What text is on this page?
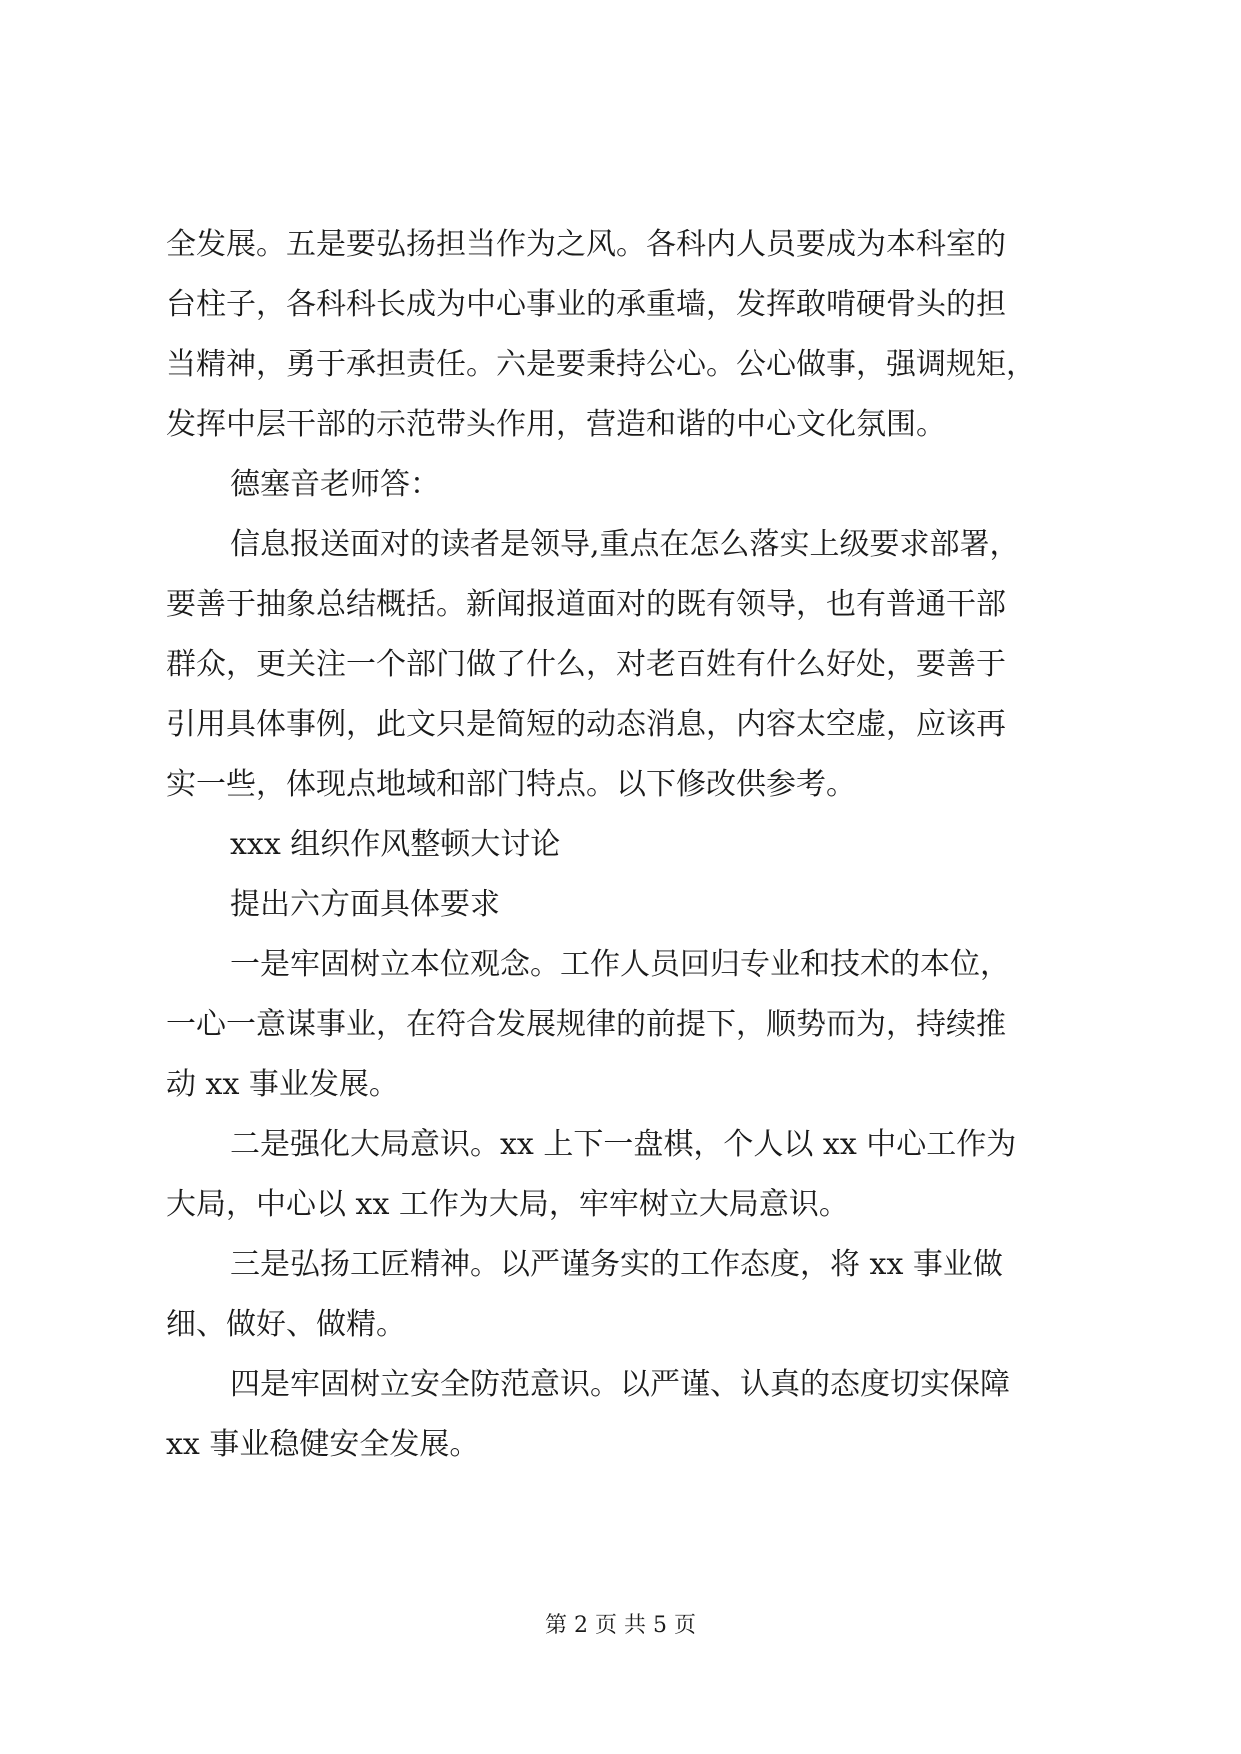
全发展。五是要弘扬担当作为之风。各科内人员要成为本科室的
台柱子，各科科长成为中心事业的承重墙，发挥敢啃硬骨头的担
当精神，勇于承担责任。六是要秉持公心。公心做事，强调规矩，
发挥中层干部的示范带头作用，营造和谐的中心文化氛围。
德塞音老师答：
信息报送面对的读者是领导,重点在怎么落实上级要求部署，
要善于抽象总结概括。新闻报道面对的既有领导，也有普通干部
群众，更关注一个部门做了什么，对老百姓有什么好处，要善于
引用具体事例，此文只是简短的动态消息，内容太空虚，应该再
实一些，体现点地域和部门特点。以下修改供参考。
xxx 组织作风整顿大讨论
提出六方面具体要求
一是牢固树立本位观念。工作人员回归专业和技术的本位，
一心一意谋事业，在符合发展规律的前提下，顺势而为，持续推
动 xx 事业发展。
二是强化大局意识。xx 上下一盘棋，个人以 xx 中心工作为
大局，中心以 xx 工作为大局，牢牢树立大局意识。
三是弘扬工匠精神。以严谨务实的工作态度，将 xx 事业做
细、做好、做精。
四是牢固树立安全防范意识。以严谨、认真的态度切实保障
xx 事业稳健安全发展。
第 2 页 共 5 页
